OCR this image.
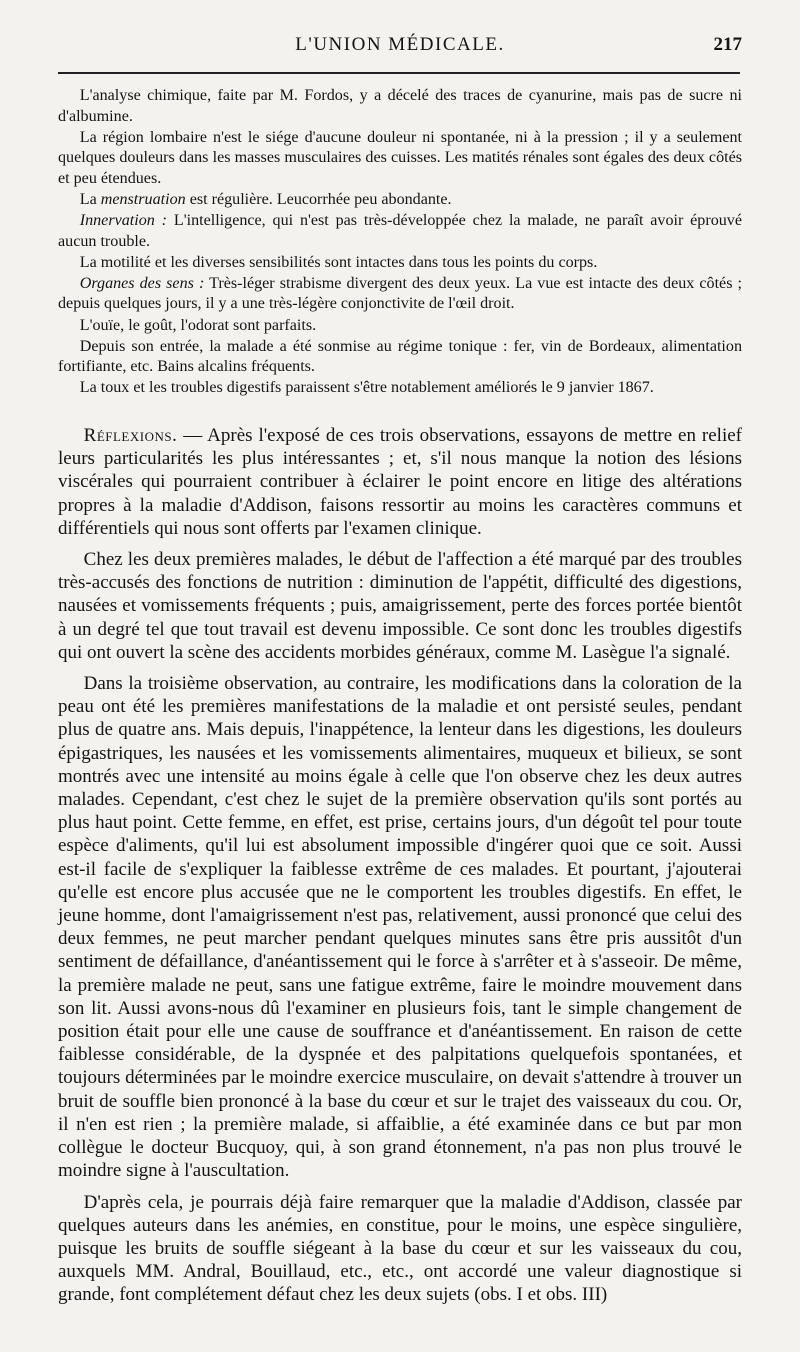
L'UNION MÉDICALE.	217

L'analyse chimique, faite par M. Fordos, y a décelé des traces de cyanurine, mais pas de sucre ni d'albumine.

La région lombaire n'est le siége d'aucune douleur ni spontanée, ni à la pression ; il y a seulement quelques douleurs dans les masses musculaires des cuisses. Les matités rénales sont égales des deux côtés et peu étendues.

La menstruation est régulière. Leucorrhée peu abondante.

Innervation : L'intelligence, qui n'est pas très-développée chez la malade, ne paraît avoir éprouvé aucun trouble.

La motilité et les diverses sensibilités sont intactes dans tous les points du corps.

Organes des sens : Très-léger strabisme divergent des deux yeux. La vue est intacte des deux côtés ; depuis quelques jours, il y a une très-légère conjonctivite de l'œil droit.

L'ouïe, le goût, l'odorat sont parfaits.

Depuis son entrée, la malade a été sonmise au régime tonique : fer, vin de Bordeaux, alimentation fortifiante, etc. Bains alcalins fréquents.

La toux et les troubles digestifs paraissent s'être notablement améliorés le 9 janvier 1867.

Réflexions. — Après l'exposé de ces trois observations, essayons de mettre en relief leurs particularités les plus intéressantes ; et, s'il nous manque la notion des lésions viscérales qui pourraient contribuer à éclairer le point encore en litige des altérations propres à la maladie d'Addison, faisons ressortir au moins les caractères communs et différentiels qui nous sont offerts par l'examen clinique.

Chez les deux premières malades, le début de l'affection a été marqué par des troubles très-accusés des fonctions de nutrition : diminution de l'appétit, difficulté des digestions, nausées et vomissements fréquents ; puis, amaigrissement, perte des forces portée bientôt à un degré tel que tout travail est devenu impossible. Ce sont donc les troubles digestifs qui ont ouvert la scène des accidents morbides généraux, comme M. Lasègue l'a signalé.

Dans la troisième observation, au contraire, les modifications dans la coloration de la peau ont été les premières manifestations de la maladie et ont persisté seules, pendant plus de quatre ans. Mais depuis, l'inappétence, la lenteur dans les digestions, les douleurs épigastriques, les nausées et les vomissements alimentaires, muqueux et bilieux, se sont montrés avec une intensité au moins égale à celle que l'on observe chez les deux autres malades. Cependant, c'est chez le sujet de la première observation qu'ils sont portés au plus haut point. Cette femme, en effet, est prise, certains jours, d'un dégoût tel pour toute espèce d'aliments, qu'il lui est absolument impossible d'ingérer quoi que ce soit. Aussi est-il facile de s'expliquer la faiblesse extrême de ces malades. Et pourtant, j'ajouterai qu'elle est encore plus accusée que ne le comportent les troubles digestifs. En effet, le jeune homme, dont l'amaigrissement n'est pas, relativement, aussi prononcé que celui des deux femmes, ne peut marcher pendant quelques minutes sans être pris aussitôt d'un sentiment de défaillance, d'anéantissement qui le force à s'arrêter et à s'asseoir. De même, la première malade ne peut, sans une fatigue extrême, faire le moindre mouvement dans son lit. Aussi avons-nous dû l'examiner en plusieurs fois, tant le simple changement de position était pour elle une cause de souffrance et d'anéantissement. En raison de cette faiblesse considérable, de la dyspnée et des palpitations quelquefois spontanées, et toujours déterminées par le moindre exercice musculaire, on devait s'attendre à trouver un bruit de souffle bien prononcé à la base du cœur et sur le trajet des vaisseaux du cou. Or, il n'en est rien ; la première malade, si affaiblie, a été examinée dans ce but par mon collègue le docteur Bucquoy, qui, à son grand étonnement, n'a pas non plus trouvé le moindre signe à l'auscultation.

D'après cela, je pourrais déjà faire remarquer que la maladie d'Addison, classée par quelques auteurs dans les anémies, en constitue, pour le moins, une espèce singulière, puisque les bruits de souffle siégeant à la base du cœur et sur les vaisseaux du cou, auxquels MM. Andral, Bouillaud, etc., etc., ont accordé une valeur diagnostique si grande, font complétement défaut chez les deux sujets (obs. I et obs. III)
